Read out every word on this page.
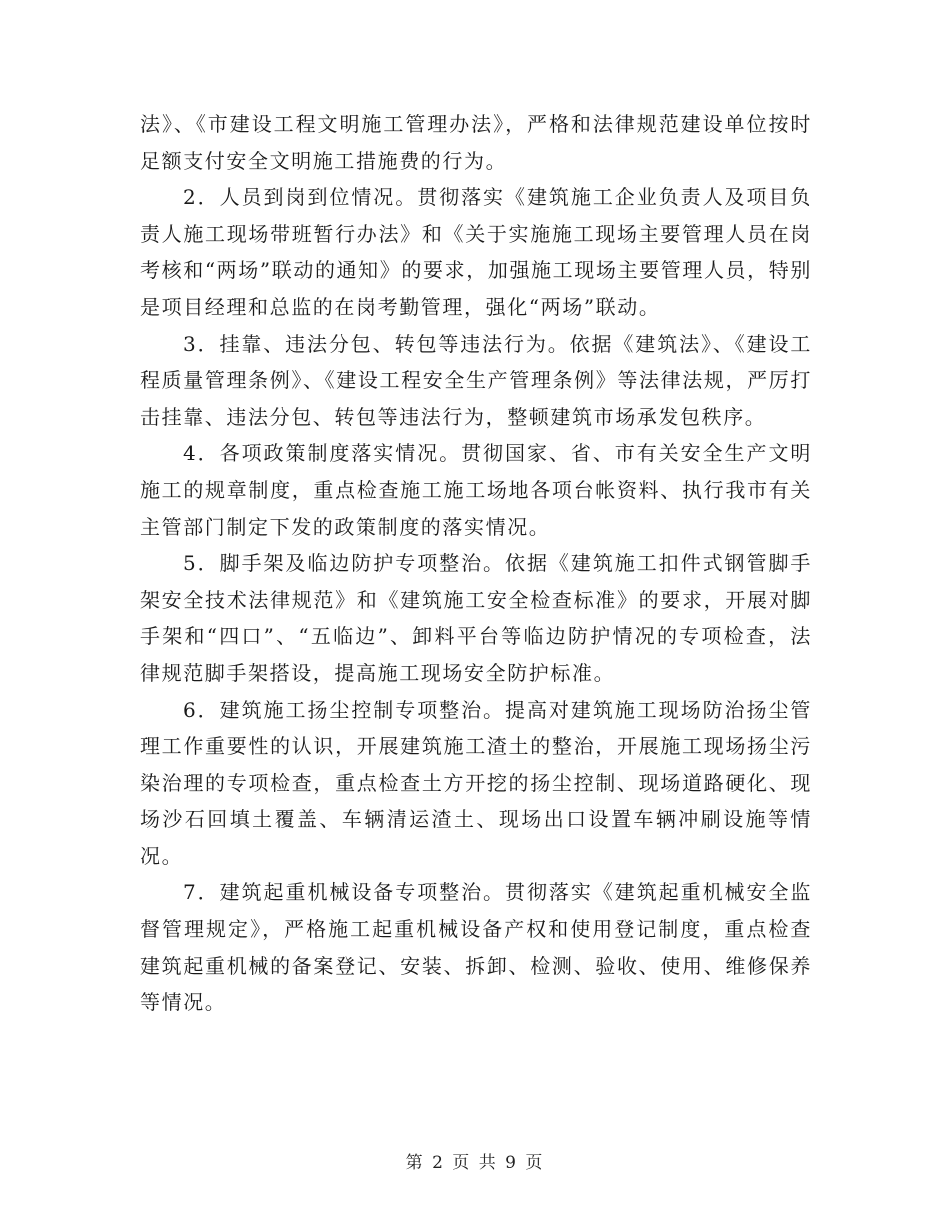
法》、《市建设工程文明施工管理办法》，严格和法律规范建设单位按时足额支付安全文明施工措施费的行为。

2．人员到岗到位情况。贯彻落实《建筑施工企业负责人及项目负责人施工现场带班暂行办法》和《关于实施施工现场主要管理人员在岗考核和“两场”联动的通知》的要求，加强施工现场主要管理人员，特别是项目经理和总监的在岗考勤管理，强化“两场”联动。

3．挂靠、违法分包、转包等违法行为。依据《建筑法》、《建设工程质量管理条例》、《建设工程安全生产管理条例》等法律法规，严厉打击挂靠、违法分包、转包等违法行为，整顿建筑市场承发包秩序。

4．各项政策制度落实情况。贯彻国家、省、市有关安全生产文明施工的规章制度，重点检查施工施工场地各项台帐资料、执行我市有关主管部门制定下发的政策制度的落实情况。

5．脚手架及临边防护专项整治。依据《建筑施工扣件式钢管脚手架安全技术法律规范》和《建筑施工安全检查标准》的要求，开展对脚手架和“四口”、“五临边”、卸料平台等临边防护情况的专项检查，法律规范脚手架搭设，提高施工现场安全防护标准。

6．建筑施工扬尘控制专项整治。提高对建筑施工现场防治扬尘管理工作重要性的认识，开展建筑施工渣土的整治，开展施工现场扬尘污染治理的专项检查，重点检查土方开挖的扬尘控制、现场道路硬化、现场沙石回填土覆盖、车辆清运渣土、现场出口设置车辆冲刷设施等情况。

7．建筑起重机械设备专项整治。贯彻落实《建筑起重机械安全监督管理规定》，严格施工起重机械设备产权和使用登记制度，重点检查建筑起重机械的备案登记、安装、拆卸、检测、验收、使用、维修保养等情况。

第 2 页 共 9 页
